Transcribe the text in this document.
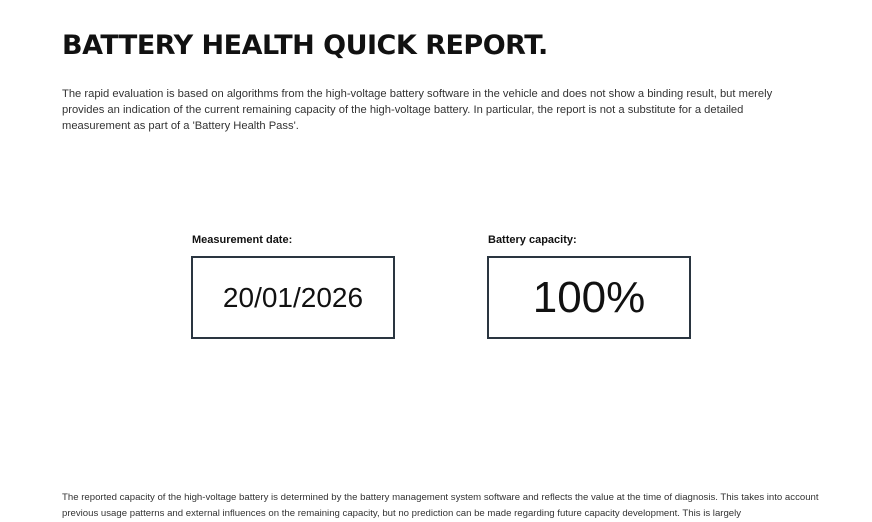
BATTERY HEALTH QUICK REPORT.

The rapid evaluation is based on algorithms from the high-voltage battery software in the vehicle and does not show a binding result, but merely provides an indication of the current remaining capacity of the high-voltage battery. In particular, the report is not a substitute for a detailed measurement as part of a 'Battery Health Pass'.

Measurement date:
20/01/2026
Battery capacity:
100%

The reported capacity of the high-voltage battery is determined by the battery management system software and reflects the value at the time of diagnosis. This takes into account previous usage patterns and external influences on the remaining capacity, but no prediction can be made regarding future capacity development. This is largely
